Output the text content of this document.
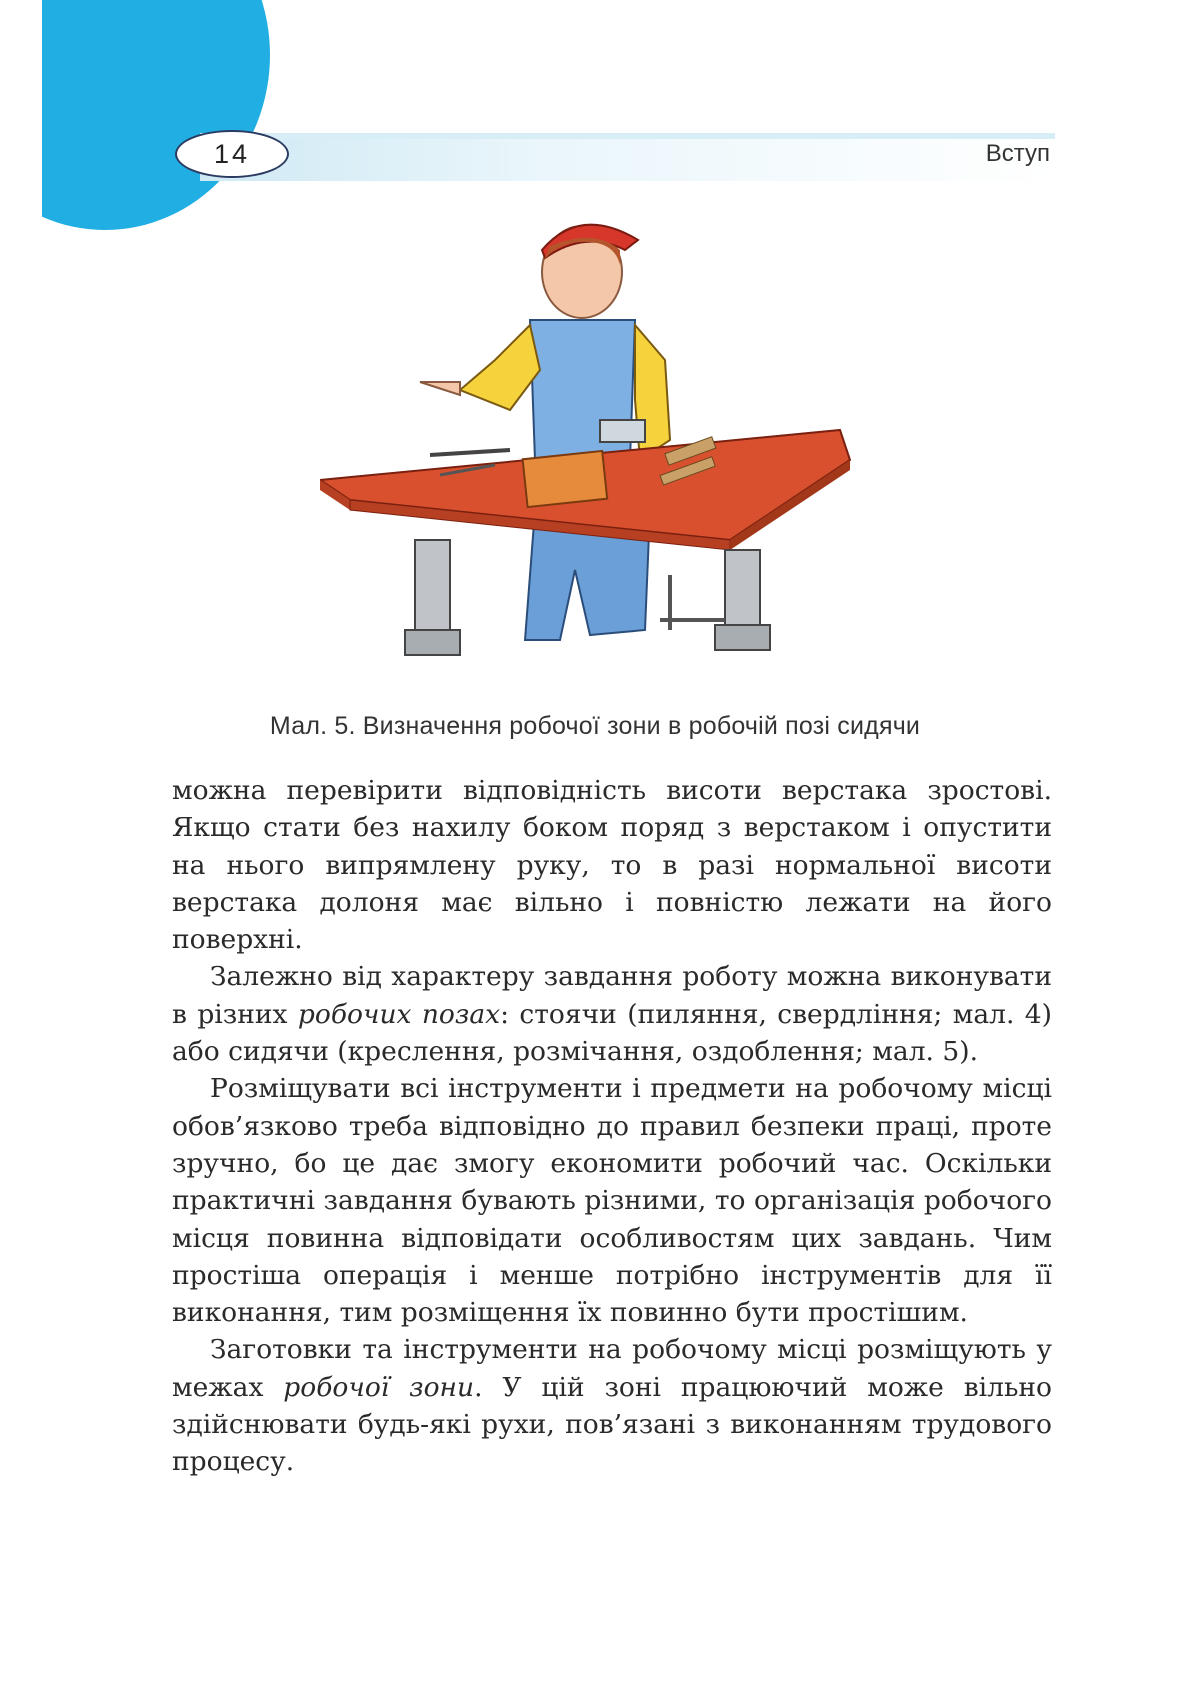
14	Вступ
Мал. 5. Визначення робочої зони в робочій позі сидячи

можна перевірити відповідність висоти верстака зростові. Якщо стати без нахилу боком поряд з верстаком і опустити на нього випрямлену руку, то в разі нормальної висоти верстака долоня має вільно і повністю лежати на його поверхні.

Залежно від характеру завдання роботу можна виконувати в різних робочих позах: стоячи (пиляння, свердління; мал. 4) або сидячи (креслення, розмічання, оздоблення; мал. 5).

Розміщувати всі інструменти і предмети на робочому місці обов’язково треба відповідно до правил безпеки праці, проте зручно, бо це дає змогу економити робочий час. Оскільки практичні завдання бувають різними, то організація робочого місця повинна відповідати особливостям цих завдань. Чим простіша операція і менше потрібно інструментів для її виконання, тим розміщення їх повинно бути простішим.

Заготовки та інструменти на робочому місці розміщують у межах робочої зони. У цій зоні працюючий може вільно здійснювати будь-які рухи, пов’язані з виконанням трудового процесу.
